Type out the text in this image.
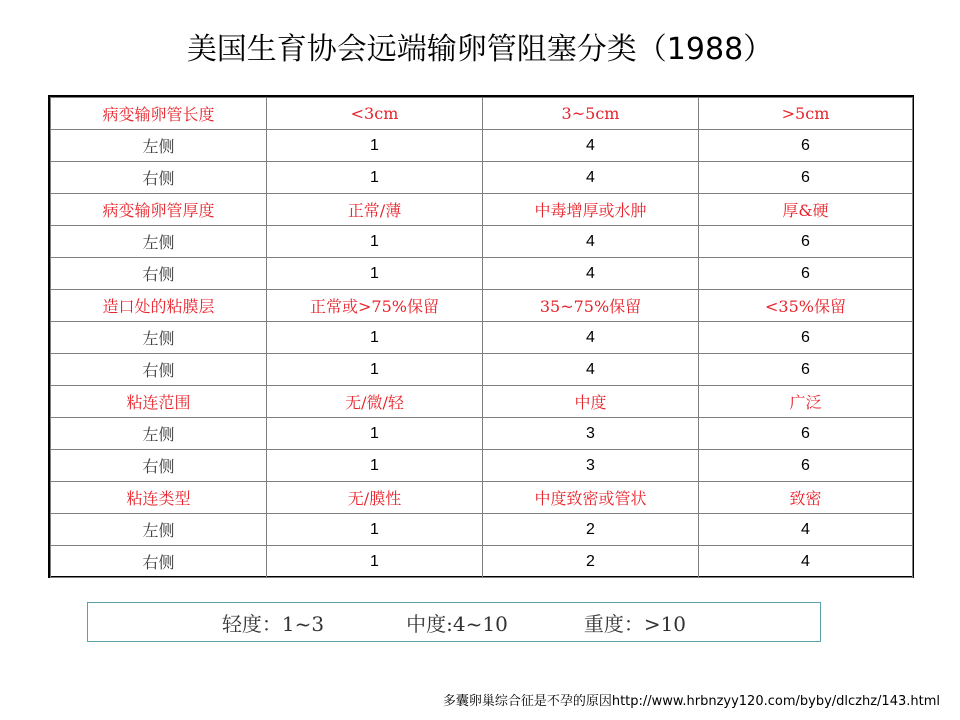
美国生育协会远端输卵管阻塞分类（1988）
病变输卵管长度	<3cm	3~5cm	>5cm
左侧	1	4	6
右侧	1	4	6
病变输卵管厚度	正常/薄	中毒增厚或水肿	厚&硬
左侧	1	4	6
右侧	1	4	6
造口处的粘膜层	正常或>75%保留	35~75%保留	<35%保留
左侧	1	4	6
右侧	1	4	6
粘连范围	无/微/轻	中度	广泛
左侧	1	3	6
右侧	1	3	6
粘连类型	无/膜性	中度致密或管状	致密
左侧	1	2	4
右侧	1	2	4
轻度：1~3	中度:4~10	重度：>10
多囊卵巢综合征是不孕的原因http://www.hrbnzyy120.com/byby/dlczhz/143.html
